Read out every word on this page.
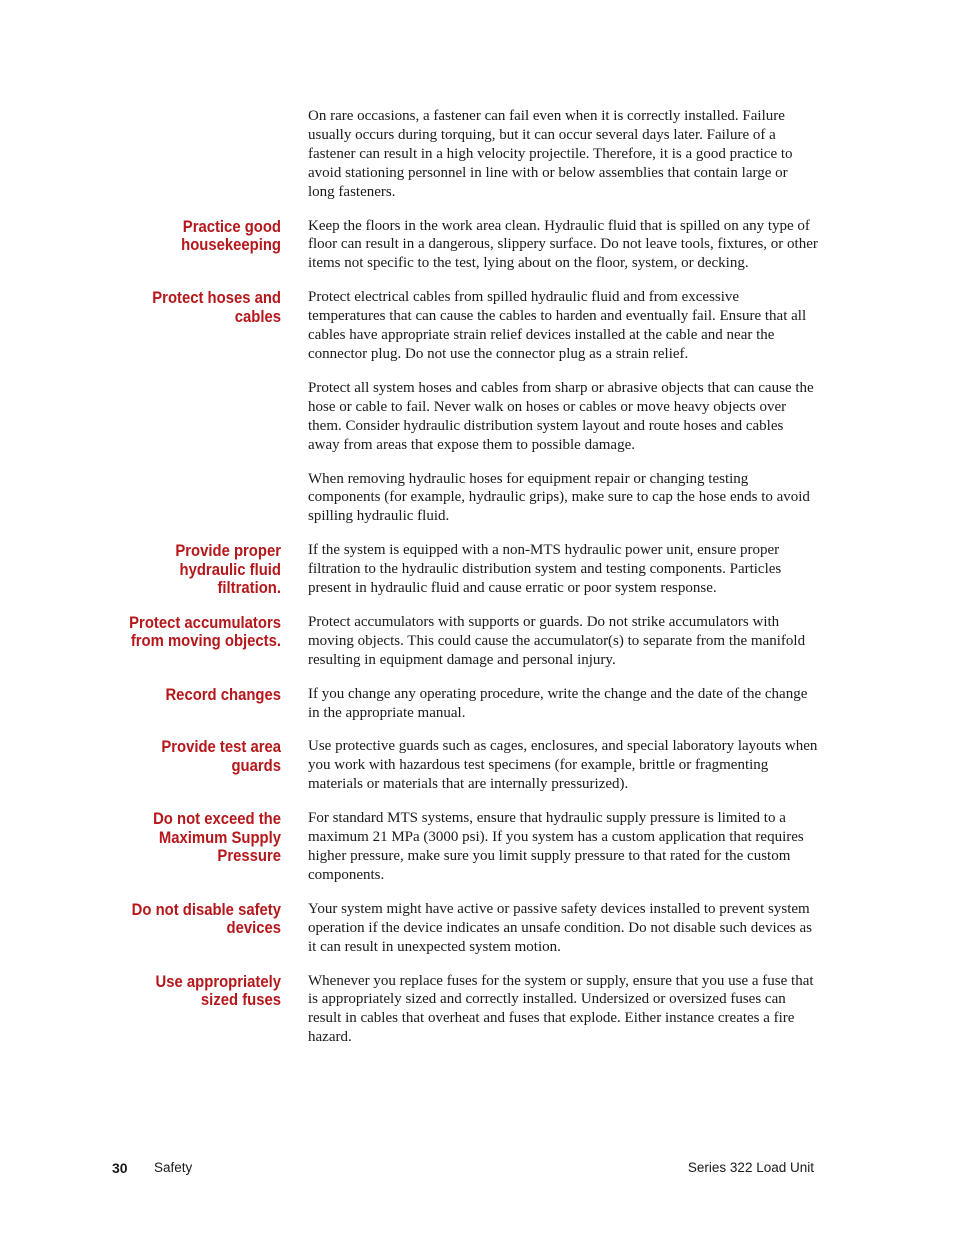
On rare occasions, a fastener can fail even when it is correctly installed. Failure usually occurs during torquing, but it can occur several days later. Failure of a fastener can result in a high velocity projectile. Therefore, it is a good practice to avoid stationing personnel in line with or below assemblies that contain large or long fasteners.

Practice good
housekeeping

Keep the floors in the work area clean. Hydraulic fluid that is spilled on any type of floor can result in a dangerous, slippery surface. Do not leave tools, fixtures, or other items not specific to the test, lying about on the floor, system, or decking.

Protect hoses and
cables

Protect electrical cables from spilled hydraulic fluid and from excessive temperatures that can cause the cables to harden and eventually fail. Ensure that all cables have appropriate strain relief devices installed at the cable and near the connector plug. Do not use the connector plug as a strain relief.

Protect all system hoses and cables from sharp or abrasive objects that can cause the hose or cable to fail. Never walk on hoses or cables or move heavy objects over them. Consider hydraulic distribution system layout and route hoses and cables away from areas that expose them to possible damage.

When removing hydraulic hoses for equipment repair or changing testing components (for example, hydraulic grips), make sure to cap the hose ends to avoid spilling hydraulic fluid.

Provide proper
hydraulic fluid
filtration.

If the system is equipped with a non-MTS hydraulic power unit, ensure proper filtration to the hydraulic distribution system and testing components. Particles present in hydraulic fluid and cause erratic or poor system response.

Protect accumulators
from moving objects.

Protect accumulators with supports or guards. Do not strike accumulators with moving objects. This could cause the accumulator(s) to separate from the manifold resulting in equipment damage and personal injury.

Record changes If you change any operating procedure, write the change and the date of the change in the appropriate manual.

Provide test area
guards

Use protective guards such as cages, enclosures, and special laboratory layouts when you work with hazardous test specimens (for example, brittle or fragmenting materials or materials that are internally pressurized).

Do not exceed the
Maximum Supply
Pressure

For standard MTS systems, ensure that hydraulic supply pressure is limited to a maximum 21 MPa (3000 psi). If you system has a custom application that requires higher pressure, make sure you limit supply pressure to that rated for the custom components.

Do not disable safety
devices

Your system might have active or passive safety devices installed to prevent system operation if the device indicates an unsafe condition. Do not disable such devices as it can result in unexpected system motion.

Use appropriately
sized fuses

Whenever you replace fuses for the system or supply, ensure that you use a fuse that is appropriately sized and correctly installed. Undersized or oversized fuses can result in cables that overheat and fuses that explode. Either instance creates a fire hazard.

30 Safety	Series 322 Load Unit
